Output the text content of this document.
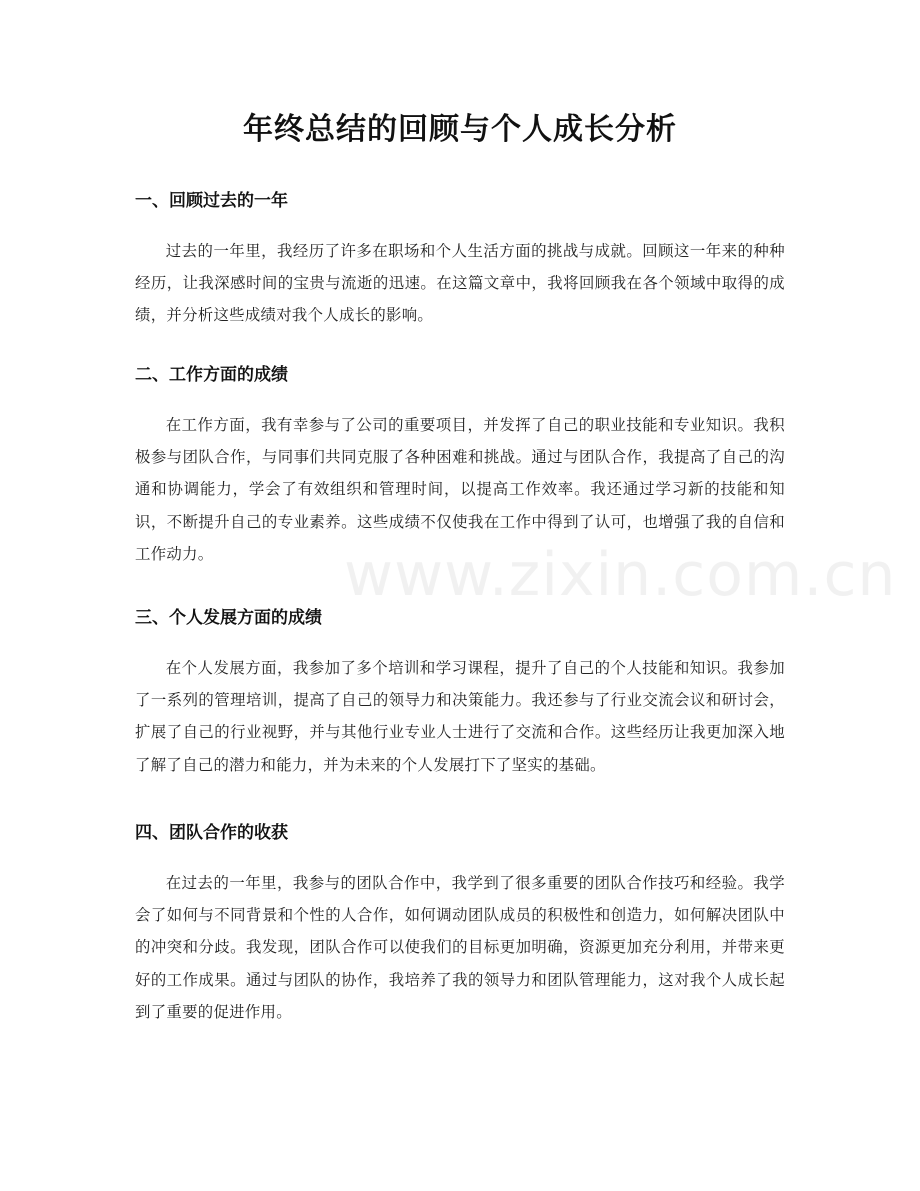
年终总结的回顾与个人成长分析
一、回顾过去的一年

过去的一年里，我经历了许多在职场和个人生活方面的挑战与成就。回顾这一年来的种种经历，让我深感时间的宝贵与流逝的迅速。在这篇文章中，我将回顾我在各个领域中取得的成绩，并分析这些成绩对我个人成长的影响。

二、工作方面的成绩

在工作方面，我有幸参与了公司的重要项目，并发挥了自己的职业技能和专业知识。我积极参与团队合作，与同事们共同克服了各种困难和挑战。通过与团队合作，我提高了自己的沟通和协调能力，学会了有效组织和管理时间，以提高工作效率。我还通过学习新的技能和知识，不断提升自己的专业素养。这些成绩不仅使我在工作中得到了认可，也增强了我的自信和工作动力。

三、个人发展方面的成绩

在个人发展方面，我参加了多个培训和学习课程，提升了自己的个人技能和知识。我参加了一系列的管理培训，提高了自己的领导力和决策能力。我还参与了行业交流会议和研讨会，扩展了自己的行业视野，并与其他行业专业人士进行了交流和合作。这些经历让我更加深入地了解了自己的潜力和能力，并为未来的个人发展打下了坚实的基础。

四、团队合作的收获

在过去的一年里，我参与的团队合作中，我学到了很多重要的团队合作技巧和经验。我学会了如何与不同背景和个性的人合作，如何调动团队成员的积极性和创造力，如何解决团队中的冲突和分歧。我发现，团队合作可以使我们的目标更加明确，资源更加充分利用，并带来更好的工作成果。通过与团队的协作，我培养了我的领导力和团队管理能力，这对我个人成长起到了重要的促进作用。

www.zixin.com.cn
